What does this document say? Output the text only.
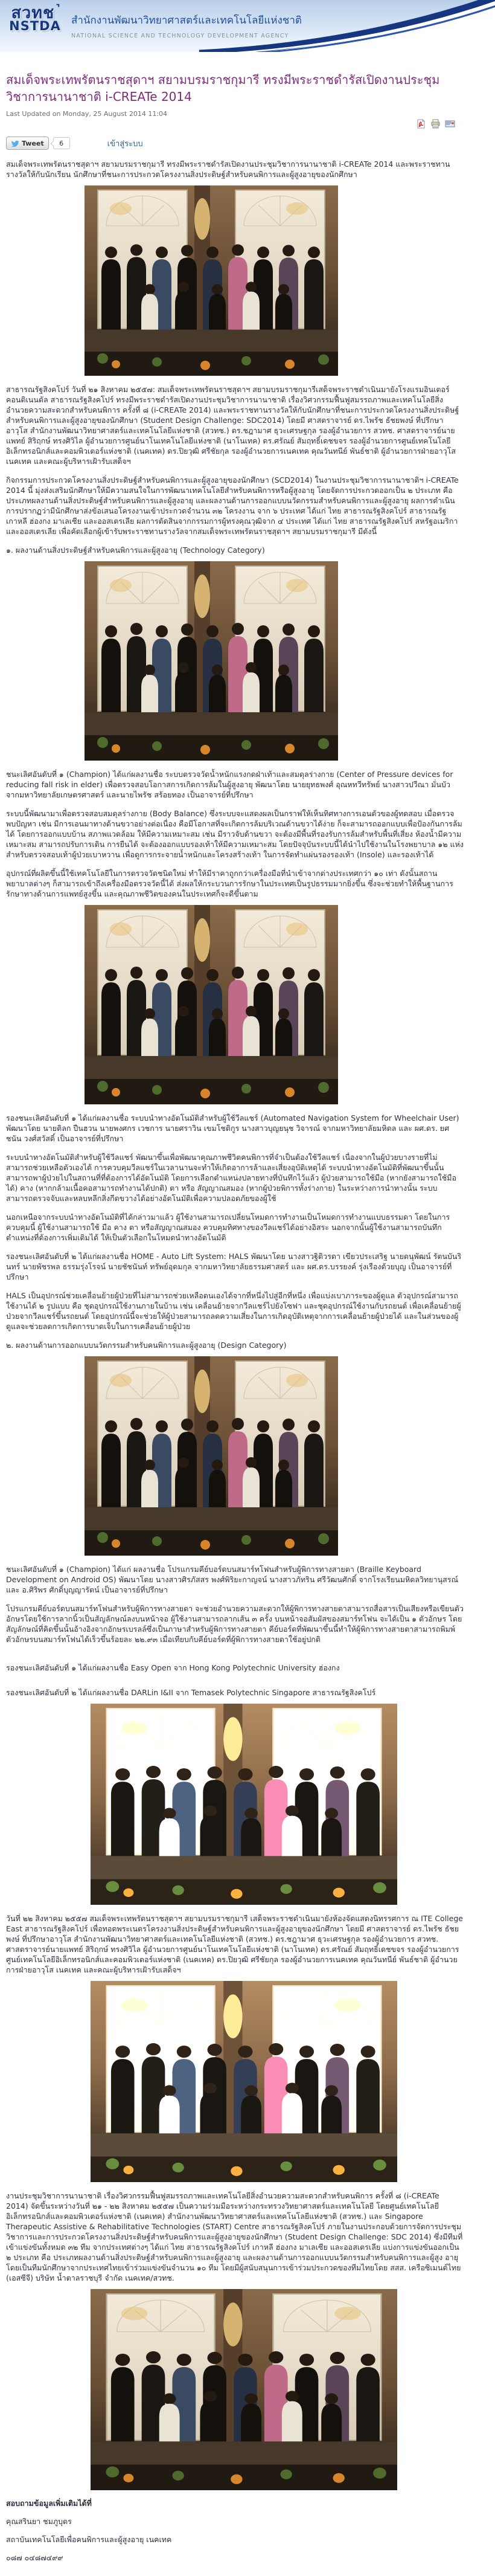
สวทช ⌝
NSTDA	สำนักงานพัฒนาวิทยาศาสตร์และเทคโนโลยีแห่งชาติ
NATIONAL SCIENCE AND TECHNOLOGY DEVELOPMENT AGENCY
สมเด็จพระเทพรัตนราชสุดาฯ สยามบรมราชกุมารี ทรงมีพระราชดำรัสเปิดงานประชุมวิชาการนานาชาติ i-CREATe 2014
Last Updated on Monday, 25 August 2014 11:04
Tweet	6	เข้าสู่ระบบ

สมเด็จพระเทพรัตนราชสุดาฯ สยามบรมราชกุมารี ทรงมีพระราชดำรัสเปิดงานประชุมวิชาการนานาชาติ i-CREATe 2014 และพระราชทานรางวัลให้กับนักเรียน นักศึกษาที่ชนะการประกวดโครงงานสิ่งประดิษฐ์สำหรับคนพิการและผู้สูงอายุของนักศึกษา

สาธารณรัฐสิงคโปร์ วันที่ ๒๑ สิงหาคม ๒๕๕๗: สมเด็จพระเทพรัตนราชสุดาฯ สยามบรมราชกุมารีเสด็จพระราชดำเนินมายังโรงแรมอินเตอร์คอนติเนนตัล สาธารณรัฐสิงคโปร์ ทรงมีพระราชดำรัสเปิดงานประชุมวิชาการนานาชาติ เรื่องวิศวกรรมฟื้นฟูสมรรถภาพและเทคโนโลยีสิ่งอำนวยความสะดวกสำหรับคนพิการ ครั้งที่ ๘ (i-CREATe 2014) และพระราชทานรางวัลให้กับนักศึกษาที่ชนะการประกวดโครงงานสิ่งประดิษฐ์สำหรับคนพิการและผู้สูงอายุของนักศึกษา (Student Design Challenge: SDC2014) โดยมี ศาสตราจารย์ ดร.ไพรัช ธัชยพงษ์ ที่ปรึกษาอาวุโส สำนักงานพัฒนาวิทยาศาสตร์และเทคโนโลยีแห่งชาติ (สวทช.) ดร.ชฎามาศ ธุวะเศรษฐกุล รองผู้อำนวยการ สวทช. ศาสตราจารย์นายแพทย์ สิริฤกษ์ ทรงศิวิไล ผู้อำนวยการศูนย์นาโนเทคโนโลยีแห่งชาติ (นาโนเทค) ดร.ศรัณย์ สัมฤทธิ์เดชขจร รองผู้อำนวยการศูนย์เทคโนโลยีอิเล็กทรอนิกส์และคอมพิวเตอร์แห่งชาติ (เนคเทค) ดร.ปิยวุฒิ ศรีชัยกุล รองผู้อำนวยการเนคเทค คุณวันทนีย์ พันธ์ชาติ ผู้อำนวยการฝ่ายอาวุโส เนคเทค และคณะผู้บริหารเฝ้ารับเสด็จฯ

กิจกรรมการประกวดโครงงานสิ่งประดิษฐ์สำหรับคนพิการและผู้สูงอายุของนักศึกษา (SCD2014) ในงานประชุมวิชาการนานาชาติฯ i-CREATe 2014 นี้ มุ่งส่งเสริมนักศึกษาให้มีความสนใจในการพัฒนาเทคโนโลยีสำหรับคนพิการหรือผู้สูงอายุ โดยจัดการประกวดออกเป็น ๒ ประเภท คือ ประเภทผลงานด้านสิ่งประดิษฐ์สำหรับคนพิการและผู้สูงอายุ และผลงานด้านการออกแบบนวัตกรรมสำหรับคนพิการและผู้สูงอายุ ผลการดำเนินการปรากฏว่ามีนักศึกษาส่งข้อเสนอโครงงานเข้าประกวดจำนวน ๓๒ โครงงาน จาก ๖ ประเทศ ได้แก่ ไทย สาธารณรัฐสิงคโปร์ สาธารณรัฐเกาหลี ฮ่องกง มาเลเซีย และออสเตรเลีย ผลการตัดสินจากกรรมการผู้ทรงคุณวุฒิจาก ๔ ประเทศ ได้แก่ ไทย สาธารณรัฐสิงคโปร์ สหรัฐอเมริกา และออสเตรเลีย เพื่อคัดเลือกผู้เข้ารับพระราชทานรางวัลจากสมเด็จพระเทพรัตนราชสุดาฯ สยามบรมราชกุมารี มีดังนี้

๑. ผลงานด้านสิ่งประดิษฐ์สำหรับคนพิการและผู้สูงอายุ (Technology Category)

ชนะเลิศอันดับที่ ๑ (Champion) ได้แก่ผลงานชื่อ ระบบตรวจวัดน้ำหนักแรงกดฝ่าเท้าและสมดุลร่างกาย (Center of Pressure devices for reducing fall risk in elder) เพื่อตรวจสอบโอกาสการเกิดการล้มในผู้สูงอายุ พัฒนาโดย นายยุทธพงศ์ อุณหทวีทรัพย์ นางสาวปวีณา มั่นบัว จากมหาวิทยาลัยเกษตรศาสตร์ และนายไพรัช สร้อยทอง เป็นอาจารย์ที่ปรึกษา

ระบบนี้พัฒนามาเพื่อตรวจสอบสมดุลร่างกาย (Body Balance) ซึ่งระบบจะแสดงผลเป็นกราฟให้เห็นทิศทางการเอนตัวของผู้ทดสอบ เมื่อตรวจพบปัญหา เช่น มีการเอนมาทางด้านขวาอย่างต่อเนื่อง คือมีโอกาสที่จะเกิดการล้มบริเวณด้านขวาได้ง่าย ก็จะสามารถออกแบบเพื่อป้องกันการล้มได้ โดยการออกแบบบ้าน สภาพแวดล้อม ให้มีความเหมาะสม เช่น มีราวจับด้านขวา จะต้องมีพื้นที่รองรับการล้มสำหรับพื้นที่เสี่ยง ห้องน้ำมีความเหมาะสม สามารถปรับการเดิน การยืนได้ จะต้องออกแบบรองเท้าให้มีความเหมาะสม โดยปัจจุบันระบบนี้ได้นำไปใช้งานในโรงพยาบาล ๑๒ แห่ง สำหรับตรวจสอบเท้าผู้ป่วยเบาหวาน เพื่อดูการกระจายน้ำหนักและโครงสร้างเท้า ในการจัดทำแผ่นรองรองเท้า (Insole) และรองเท้าได้

อุปกรณ์ที่ผลิตขึ้นนี้ใช้เทคโนโลยีในการตรวจวัดชนิดใหม่ ทำให้มีราคาถูกกว่าเครื่องมือที่นำเข้าจากต่างประเทศกว่า ๑๐ เท่า ดังนั้นสถานพยาบาลต่างๆ ก็สามารถเข้าถึงเครื่องมือตรวจวัดนี้ได้ ส่งผลให้กระบวนการรักษาในประเทศเป็นรูปธรรมมากยิ่งขึ้น ซึ่งจะช่วยทำให้พื้นฐานการรักษาทางด้านการแพทย์สูงขึ้น และคุณภาพชีวิตของคนในประเทศก็จะดีขึ้นตาม

รองชนะเลิศอันดับที่ ๑ ได้แก่ผลงานชื่อ ระบบนำทางอัตโนมัติสำหรับผู้ใช้วีลแชร์ (Automated Navigation System for Wheelchair User) พัฒนาโดย นายดิลก ปืนฮวน นายพงศกร เวชการ นายศราวิน เขมโชติกูร นางสาวบุญยนุช วิจารณ์ จากมหาวิทยาลัยมหิดล และ ผศ.ดร. ยศชนัน วงศ์สวัสดิ์ เป็นอาจารย์ที่ปรึกษา

ระบบนำทางอัตโนมัติสำหรับผู้ใช้วีลแชร์ พัฒนาขึ้นเพื่อพัฒนาคุณภาพชีวิตคนพิการที่จำเป็นต้องใช้วีลแชร์ เนื่องจากในผู้ป่วยบางรายที่ไม่สามารถช่วยเหลือตัวเองได้ การควบคุมวีลแชร์ในเวลานานจะทำให้เกิดอาการล้าและเสี่ยงอุบัติเหตุได้ ระบบนำทางอัตโนมัติที่พัฒนาขึ้นนั้นสามารถพาผู้ป่วยไปในสถานที่ที่ต้องการได้อัตโนมัติ โดยการเลือกตำแหน่งปลายทางที่บันทึกไว้แล้ว ผู้ป่วยสามารถใช้มือ (หากยังสามารถใช้มือได้) คาง (หากกล้ามเนื้อคอสามารถทำงานได้ปกติ) ตา หรือ สัญญาณสมอง (หากผู้ป่วยพิการทั้งร่างกาย) ในระหว่างการนำทางนั้น ระบบสามารถตรวจจับและหลบหลีกสิ่งกีดขวางได้อย่างอัตโนมัติเพื่อความปลอดภัยของผู้ใช้

นอกเหนือจากระบบนำทางอัตโนมัติที่ได้กล่าวมาแล้ว ผู้ใช้งานสามารถเปลี่ยนโหมดการทำงานเป็นโหมดการทำงานแบบธรรมดา โดยในการควบคุมนี้ ผู้ใช้งานสามารถใช้ มือ คาง ตา หรือสัญญาณสมอง ควบคุมทิศทางของวีลแชร์ได้อย่างอิสระ นอกจากนั้นผู้ใช้งานสามารถบันทึกตำแหน่งที่ต้องการเพิ่มเติมได้ ให้เป็นตัวเลือกในโหมดนำทางอัตโนมัติ

รองชนะเลิศอันดับที่ ๒ ได้แก่ผลงานชื่อ HOME - Auto Lift System: HALS พัฒนาโดย นางสาวฐิติวรดา เขียวประเสริฐ นายดนุพัฒน์ รัตนบันรินทร์ นายพัชรพล ธรรมรุ่งโรจน์ นายชัชนันท์ ทรัพย์อุดมกุล จากมหาวิทยาลัยธรรมศาสตร์ และ ผศ.ดร.บรรยงค์ รุ่งเรืองด้วยบุญ เป็นอาจารย์ที่ปรึกษา

HALS เป็นอุปกรณ์ช่วยเคลื่อนย้ายผู้ป่วยที่ไม่สามารถช่วยเหลือตนเองได้จากที่หนึ่งไปสู่อีกที่หนึ่ง เพื่อแบ่งเบาภาระของผู้ดูแล ตัวอุปกรณ์สามารถใช้งานได้ ๒ รูปแบบ คือ ชุดอุปกรณ์ใช้งานภายในบ้าน เช่น เคลื่อนย้ายจากวีลแชร์ไปยังโซฟา และชุดอุปกรณ์ใช้งานกับรถยนต์ เพื่อเคลื่อนย้ายผู้ป่วยจากวีลแชร์ขึ้นรถยนต์ โดยอุปกรณ์นี้จะช่วยให้ผู้ป่วยสามารถลดความเสี่ยงในการเกิดอุบัติเหตุจากการเคลื่อนย้ายผู้ป่วยได้ และในส่วนของผู้ดูแลจะช่วยลดการเกิดการบาดเจ็บในการเคลื่อนย้ายผู้ป่วย

๒. ผลงานด้านการออกแบบนวัตกรรมสำหรับคนพิการและผู้สูงอายุ (Design Category)

ชนะเลิศอันดับที่ ๑ (Champion) ได้แก่ ผลงานชื่อ โปรแกรมคีย์บอร์ดบนสมาร์ทโฟนสำหรับผู้พิการทางสายตา (Braille Keyboard Development on Android OS) พัฒนาโดย นางสาวศิรภัสสร พงศ์พิริยะกาญจน์ นางสาวภัทริน ศรีวัฒนศักดิ์ จากโรงเรียนมหิดลวิทยานุสรณ์ และ อ.ศิริพร ศักดิ์บุญญารัตน์ เป็นอาจารย์ที่ปรึกษา

โปรแกรมคีย์บอร์ดบนสมาร์ทโฟนสำหรับผู้พิการทางสายตา จะช่วยอำนวยความสะดวกให้ผู้พิการทางสายตาสามารถสื่อสารเป็นเสียงหรือเขียนตัวอักษรโดยใช้การลากนิ้วเป็นสัญลักษณ์ลงบนหน้าจอ ผู้ใช้งานสามารถลากเส้น ๓ ครั้ง บนหน้าจอสัมผัสของสมาร์ทโฟน จะได้เป็น ๑ ตัวอักษร โดยสัญลักษณ์ที่คิดขึ้นนั้นอ้างอิงจากอักษรเบรลล์ซึ่งเป็นภาษาสำหรับผู้พิการทางสายตา คีย์บอร์ดที่พัฒนาขึ้นนี้ทำให้ผู้พิการทางสายตาสามารถพิมพ์ตัวอักษรบนสมาร์ทโฟนได้เร็วขึ้นร้อยละ ๒๒.๙๓ เมื่อเทียบกับคีย์บอร์ดที่ผู้พิการทางสายตาใช้อยู่ปกติ

รองชนะเลิศอันดับที่ ๑ ได้แก่ผลงานชื่อ Easy Open จาก Hong Kong Polytechnic University ฮ่องกง

รองชนะเลิศอันดับที่ ๒ ได้แก่ผลงานชื่อ DARLin I&II จาก Temasek Polytechnic Singapore สาธารณรัฐสิงคโปร์

วันที่ ๒๒ สิงหาคม ๒๕๕๗ สมเด็จพระเทพรัตนราชสุดาฯ สยามบรมราชกุมารี เสด็จพระราชดำเนินมายังห้องจัดแสดงนิทรรศการ ณ ITE College East สาธารณรัฐสิงคโปร์ เพื่อทอดพระเนตรโครงงานสิ่งประดิษฐ์สำหรับคนพิการและผู้สูงอายุของนักศึกษา โดยมี ศาสตราจารย์ ดร.ไพรัช ธัชยพงษ์ ที่ปรึกษาอาวุโส สำนักงานพัฒนาวิทยาศาสตร์และเทคโนโลยีแห่งชาติ (สวทช.) ดร.ชฎามาศ ธุวะเศรษฐกุล รองผู้อำนวยการ สวทช. ศาสตราจารย์นายแพทย์ สิริฤกษ์ ทรงศิวิไล ผู้อำนวยการศูนย์นาโนเทคโนโลยีแห่งชาติ (นาโนเทค) ดร.ศรัณย์ สัมฤทธิ์เดชขจร รองผู้อำนวยการศูนย์เทคโนโลยีอิเล็กทรอนิกส์และคอมพิวเตอร์แห่งชาติ (เนคเทค) ดร.ปิยวุฒิ ศรีชัยกุล รองผู้อำนวยการเนคเทค คุณวันทนีย์ พันธ์ชาติ ผู้อำนวยการฝ่ายอาวุโส เนคเทค และคณะผู้บริหารเฝ้ารับเสด็จฯ

งานประชุมวิชาการนานาชาติ เรื่องวิศวกรรมฟื้นฟูสมรรถภาพและเทคโนโลยีสิ่งอำนวยความสะดวกสำหรับคนพิการ ครั้งที่ ๘ (i-CREATe 2014) จัดขึ้นระหว่างวันที่ ๒๑ - ๒๒ สิงหาคม ๒๕๕๗ เป็นความร่วมมือระหว่างกระทรวงวิทยาศาสตร์และเทคโนโลยี โดยศูนย์เทคโนโลยีอิเล็กทรอนิกส์และคอมพิวเตอร์แห่งชาติ (เนคเทค) สำนักงานพัฒนาวิทยาศาสตร์และเทคโนโลยีแห่งชาติ (สวทช.) และ Singapore Therapeutic Assistive & Rehabilitative Technologies (START) Centre สาธารณรัฐสิงคโปร์ ภายในงานประกอบด้วยการจัดการประชุมวิชาการและการประกวดโครงงานสิ่งประดิษฐ์สำหรับคนพิการและผู้สูงอายุของนักศึกษา (Student Design Challenge: SDC 2014) ซึ่งมีทีมที่เข้าแข่งขันทั้งหมด ๓๒ ทีม จากประเทศต่างๆ ได้แก่ ไทย สาธารณรัฐสิงคโปร์ เกาหลี ฮ่องกง มาเลเซีย และออสเตรเลีย แบ่งการแข่งขันออกเป็น ๒ ประเภท คือ ประเภทผลงานด้านสิ่งประดิษฐ์สำหรับคนพิการและผู้สูงอายุ และผลงานด้านการออกแบบนวัตกรรมสำหรับคนพิการและผู้สูง อายุ โดยเป็นทีมนักศึกษาจากประเทศไทยเข้าร่วมแข่งขันจำนวน ๑๐ ทีม โดยมีผู้สนับสนุนการเข้าร่วมประกวดของทีมไทยโดย สสส. เครือซิเมนต์ไทย (เอสซีจี) บริษัท น้ำตาลราชบุรี จำกัด เนคเทค/สวทช.

สอบถามข้อมูลเพิ่มเติมได้ที่

คุณสรินยา ชมภูบุตร

สถาบันเทคโนโลยีเพื่อคนพิการและผู้สูงอายุ เนคเทค

๐๘๗ ๐๔๘๗๔๙๙
